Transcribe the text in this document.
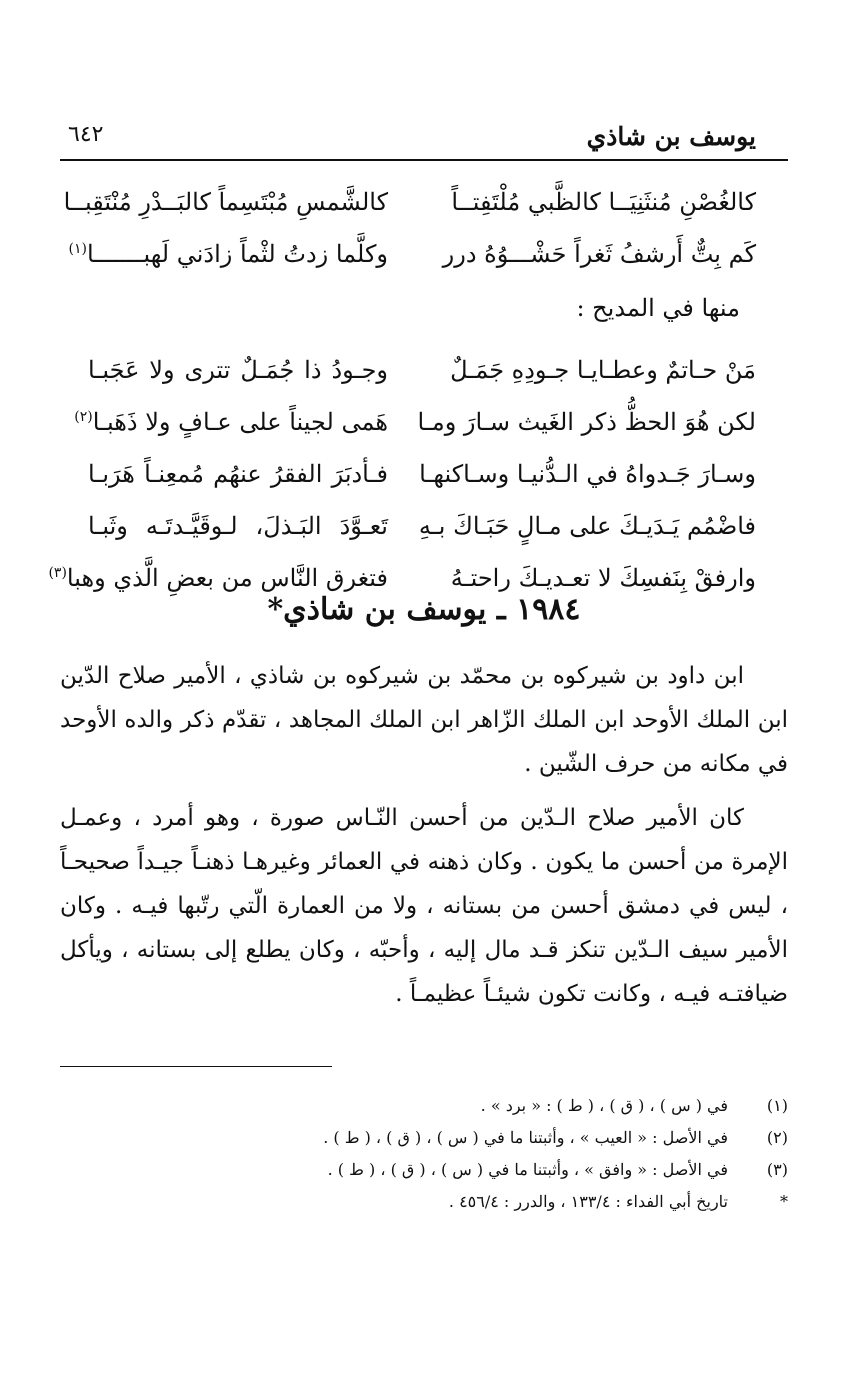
يوسف بن شاذي
٦٤٢
كالغُصْنِ مُنثَنِيَــا كالظَّبي مُلْتَفِتــاً
كالشَّمسِ مُبْتَسِماً كالبَــدْرِ مُنْتَقِبــا
كَم بِتٌّ أَرشفُ ثَغراً حَشْـــوُهُ درر
وكلَّما زدتُ لثْماً زادَني لَهبـــــــا$^{(١)}$
منها في المديح :
مَنْ حـاتمٌ وعطـايـا جـودِهِ جَمَـلٌ
وجـودُ ذا جُمَـلٌ تترى ولا عَجَبـا
لكن هُوَ الحظُّ ذكر الغَيث سـارَ ومـا
هَمى لجيناً على عـافٍ ولا ذَهَبـا$^{(٢)}$
وسـارَ جَـدواهُ في الـدُّنيـا وسـاكنهـا
فـأدبَرَ الفقرُ عنهُم مُمعِنـاً هَرَبـا
فاضْمُم يَـدَيـكَ على مـالٍ حَبَـاكَ بـهِ
تَعـوَّدَ البَـذلَ، لـوقَيَّـدتَـه وثَبـا
وارفقْ بِنَفسِكَ لا تعـديـكَ راحتـهُ
فتغرق النَّاس من بعضِ الَّذي وهبا$^{(٣)}$
١٩٨٤ ـ يوسف بن شاذي*

ابن داود بن شيركوه بن محمّد بن شيركوه بن شاذي ، الأمير صلاح الدّين ابن الملك الأوحد ابن الملك الزّاهر ابن الملك المجاهد ، تقدّم ذكر والده الأوحد في مكانه من حرف الشّين .

كان الأمير صلاح الـدّين من أحسن النّـاس صورة ، وهو أمرد ، وعمـل الإمرة من أحسن ما يكون . وكان ذهنه في العمائر وغيرهـا ذهنـاً جيـداً صحيحـاً ، ليس في دمشق أحسن من بستانه ، ولا من العمارة الّتي رتّبها فيـه . وكان الأمير سيف الـدّين تنكز قـد مال إليه ، وأحبّه ، وكان يطلع إلى بستانه ، ويأكل ضيافتـه فيـه ، وكانت تكون شيئـاً عظيمـاً .

(١)
في ( س ) ، ( ق ) ، ( ط ) : « برد » .
(٢)
في الأصل : « العيب » ، وأثبتنا ما في ( س ) ، ( ق ) ، ( ط ) .
(٣)
في الأصل : « وافق » ، وأثبتنا ما في ( س ) ، ( ق ) ، ( ط ) .
*
تاريخ أبي الفداء : ١٣٣/٤ ، والدرر : ٤٥٦/٤ .
